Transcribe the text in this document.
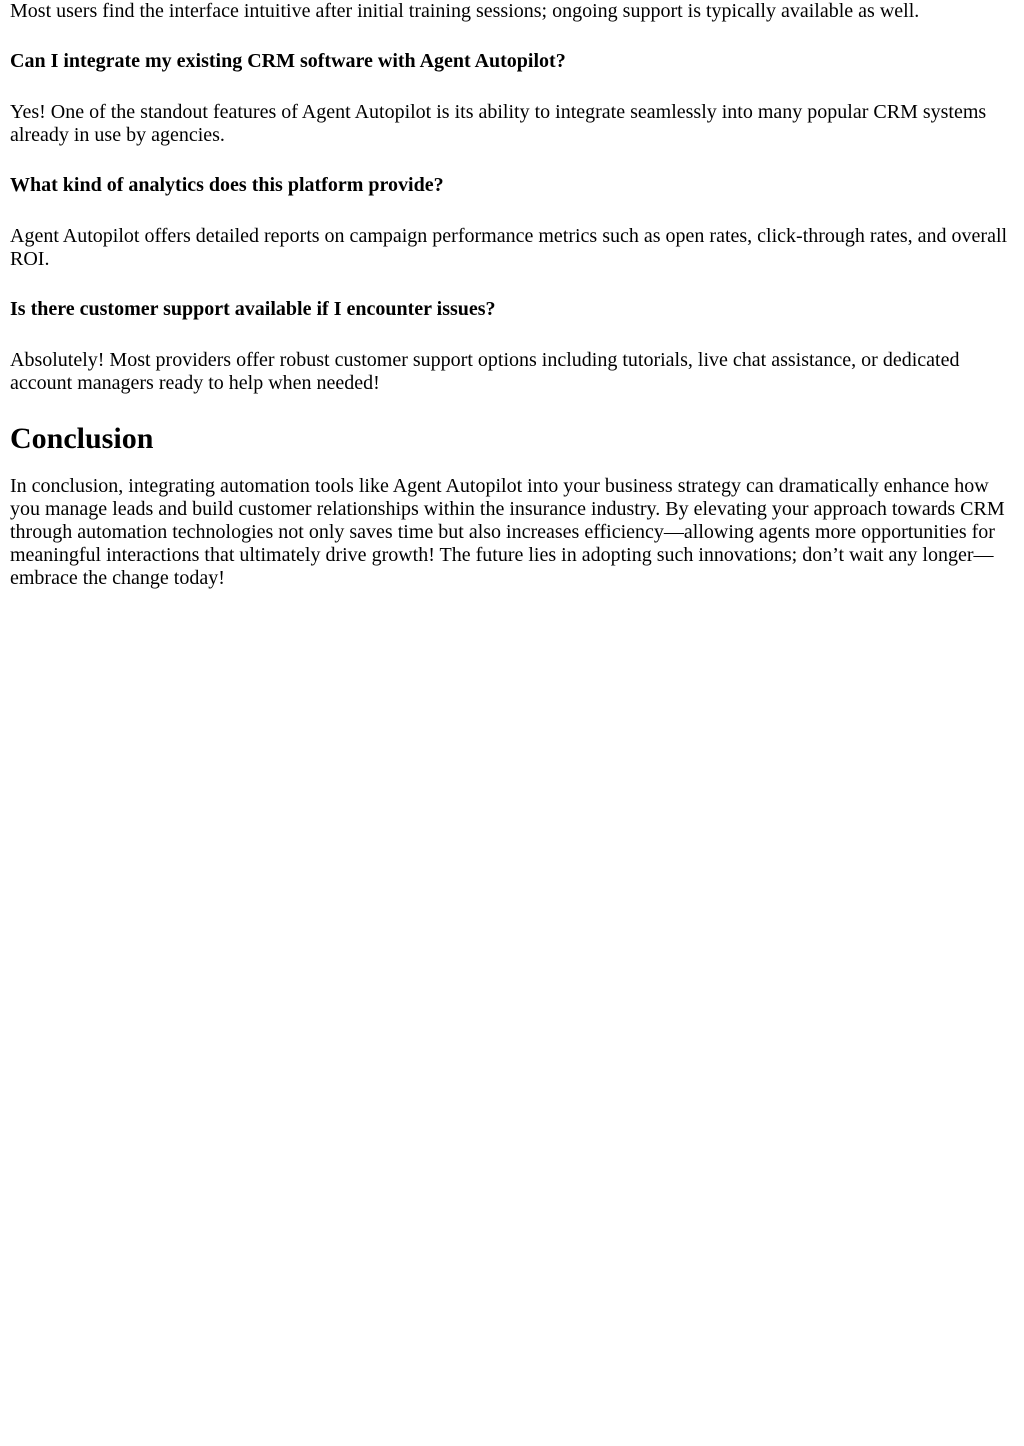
Most users find the interface intuitive after initial training sessions; ongoing support is typically available as well.

Can I integrate my existing CRM software with Agent Autopilot?

Yes! One of the standout features of Agent Autopilot is its ability to integrate seamlessly into many popular CRM systems already in use by agencies.

What kind of analytics does this platform provide?

Agent Autopilot offers detailed reports on campaign performance metrics such as open rates, click-through rates, and overall ROI.

Is there customer support available if I encounter issues?

Absolutely! Most providers offer robust customer support options including tutorials, live chat assistance, or dedicated account managers ready to help when needed!

Conclusion

In conclusion, integrating automation tools like Agent Autopilot into your business strategy can dramatically enhance how you manage leads and build customer relationships within the insurance industry. By elevating your approach towards CRM through automation technologies not only saves time but also increases efficiency—allowing agents more opportunities for meaningful interactions that ultimately drive growth! The future lies in adopting such innovations; don’t wait any longer—embrace the change today!
